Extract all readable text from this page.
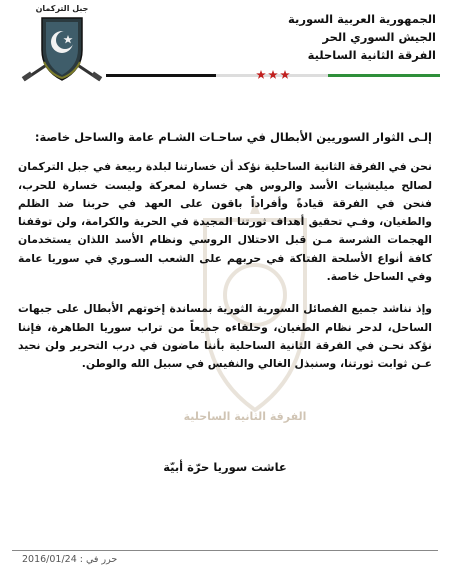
جبل التركمان
الجمهورية العربية السورية
الجيش السوري الحر
الفرقة الثانية الساحلية
الفرقة الثانية الساحلية

إلـى الثوار السوريين الأبطال في ساحـات الشـام عامة والساحل خاصة:

نحن في الفرقة الثانية الساحلية نؤكد أن خسارتنا لبلدة ربيعة في جبل التركمان لصالح ميليشيات الأسد والروس هي خسارة لمعركة وليست خسارة للحرب، فنحن في الفرقة قيادةً وأفراداً باقون على العهد في حربنا ضد الظلم والطغيان، وفـي تحقيق أهداف ثورتنا المجيدة في الحرية والكرامة، ولن توقفنا الهجمات الشرسة مـن قبل الاحتلال الروسي ونظام الأسد اللذان يستخدمان كافة أنواع الأسلحة الفتاكة في حربهم على الشعب السـوري في سوريا عامة وفي الساحل خاصة.

وإذ نناشد جميع الفصائل السورية الثورية بمساندة إخوتهم الأبطال على جبهات الساحل، لدحر نظام الطغيان، وحلفاءه جميعاً من تراب سوريا الطاهرة، فإننا نؤكد نحـن في الفرقة الثانية الساحلية بأننا ماضون في درب التحرير ولن نحيد عـن ثوابت ثورتنا، وسنبذل الغالي والنفيس في سبيل الله والوطن.

عاشت سوريا حرّة أبيّة
حرر في : 2016/01/24
